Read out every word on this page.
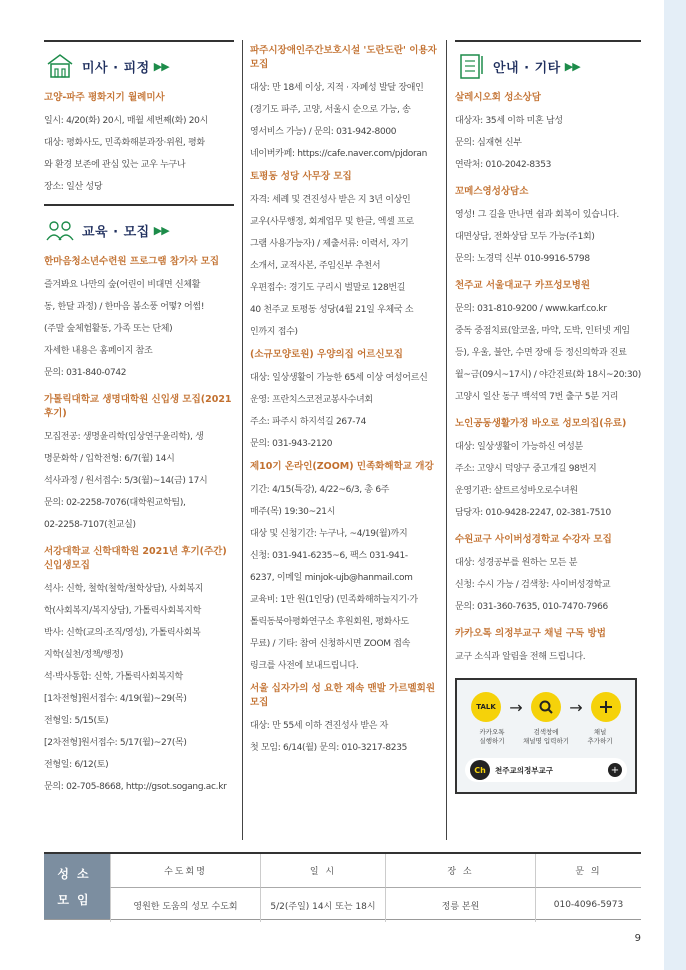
미사 · 피정 ▶▶
고양-파주 평화지기 월례미사
일시: 4/20(화) 20시, 매월 세번째(화) 20시
대상: 평화사도, 민족화해분과장·위원, 평화
와 환경 보존에 관심 있는 교우 누구나
장소: 일산 성당
교육 · 모집 ▶▶
한마음청소년수련원 프로그램 참가자 모집
즐겨봐요 나만의 숲(어린이 비대면 신체활
동, 한달 과정) / 한마음 봄소풍 어떻? 어썸!
(주말 숲체험활동, 가족 또는 단체)
자세한 내용은 홈페이지 참조
문의: 031-840-0742
가톨릭대학교 생명대학원 신입생 모집(2021 후기)
모집전공: 생명윤리학(임상연구윤리학), 생
명문화학 / 입학전형: 6/7(월) 14시
석사과정 / 원서접수: 5/3(월)~14(금) 17시
문의: 02-2258-7076(대학원교학팀),
02-2258-7107(친교실)
서강대학교 신학대학원 2021년 후기(주간) 신입생모집
석사: 신학, 철학(철학/철학상담), 사회복지
학(사회복지/복지상담), 가톨릭사회복지학
박사: 신학(교의·조직/영성), 가톨릭사회복
지학(실천/정책/행정)
석·박사통합: 신학, 가톨릭사회복지학
[1차전형]원서접수: 4/19(월)~29(목)
전형일: 5/15(토)
[2차전형]원서접수: 5/17(월)~27(목)
전형일: 6/12(토)
문의: 02-705-8668, http://gsot.sogang.ac.kr
파주시장애인주간보호시설 '도란도란' 이용자 모집
대상: 만 18세 이상, 지적 · 자폐성 발달 장애인
(경기도 파주, 고양, 서울시 순으로 가능, 송
영서비스 가능) / 문의: 031-942-8000
네이버카페: https://cafe.naver.com/pjdoran
토평동 성당 사무장 모집
자격: 세례 및 견진성사 받은 지 3년 이상인
교우(사무행정, 회계업무 및 한글, 엑셀 프로
그램 사용가능자) / 제출서류: 이력서, 자기
소개서, 교적사본, 주임신부 추천서
우편접수: 경기도 구리시 벌말로 128번길
40 천주교 토평동 성당(4월 21일 우체국 소
인까지 접수)
(소규모양로원) 우양의집 어르신모집
대상: 일상생활이 가능한 65세 이상 여성어르신
운영: 프란치스코전교봉사수녀회
주소: 파주시 하지석길 267-74
문의: 031-943-2120
제10기 온라인(ZOOM) 민족화해학교 개강
기간: 4/15(특강), 4/22~6/3, 총 6주
매주(목) 19:30~21시
대상 및 신청기간: 누구나, ~4/19(월)까지
신청: 031-941-6235~6, 팩스 031-941-
6237, 이메일 minjok-ujb@hanmail.com
교육비: 1만 원(1인당) (민족화해하늘지기·가
톨릭동북아평화연구소 후원회원, 평화사도
무료) / 기타: 참여 신청하시면 ZOOM 접속
링크를 사전에 보내드립니다.
서울 십자가의 성 요한 재속 맨발 가르멜회원 모집
대상: 만 55세 이하 견진성사 받은 자
첫 모임: 6/14(월) 문의: 010-3217-8235
안내 · 기타 ▶▶
살레시오회 성소상담
대상자: 35세 이하 미혼 남성
문의: 심재현 신부
연락처: 010-2042-8353
꼬메스영성상담소
영성! 그 길을 만나면 쉼과 회복이 있습니다.
대면상담, 전화상담 모두 가능(주1회)
문의: 노경덕 신부 010-9916-5798
천주교 서울대교구 카프성모병원
문의: 031-810-9200 / www.karf.co.kr
중독 중점치료(알코올, 마약, 도박, 인터넷 게임
등), 우울, 불안, 수면 장애 등 정신의학과 진료
월~금(09시~17시) / 야간진료(화 18시~20:30)
고양시 일산 동구 백석역 7번 출구 5분 거리
노인공동생활가정 바오로 성모의집(유료)
대상: 일상생활이 가능하신 여성분
주소: 고양시 덕양구 중고개길 98번지
운영기관: 샬트르성바오로수녀원
담당자: 010-9428-2247, 02-381-7510
수원교구 사이버성경학교 수강자 모집
대상: 성경공부를 원하는 모든 분
신청: 수시 가능 / 검색창: 사이버성경학교
문의: 031-360-7635, 010-7470-7966
카카오톡 의정부교구 채널 구독 방법
교구 소식과 알림을 전해 드립니다.
TALK →	→
카카오톡
실행하기
검색창에
채널명 입력하기
채널
추가하기
Ch	천주교의정부교구	+
성소
모임
수도회명	일 시	장 소	문 의
영원한 도움의 성모 수도회	5/2(주일) 14시 또는 18시	정릉 본원	010-4096-5973
9
